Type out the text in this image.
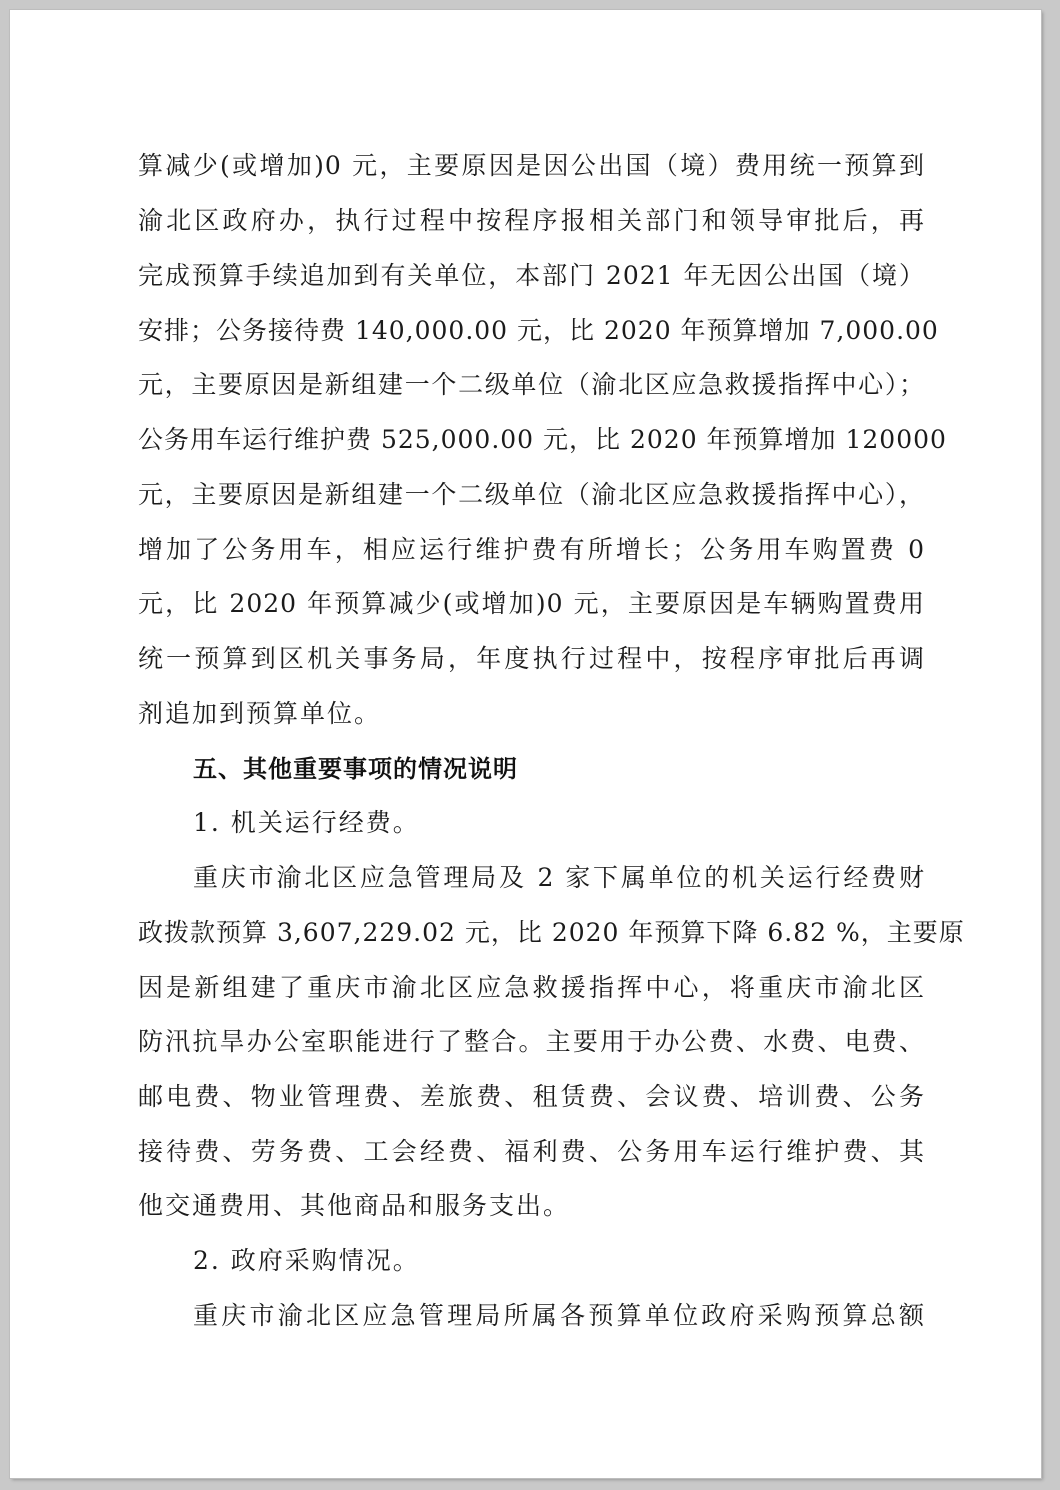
算减少(或增加)0 元，主要原因是因公出国（境）费用统一预算到
渝北区政府办，执行过程中按程序报相关部门和领导审批后，再
完成预算手续追加到有关单位，本部门 2021 年无因公出国（境）
安排；公务接待费 140,000.00 元，比 2020 年预算增加 7,000.00
元，主要原因是新组建一个二级单位（渝北区应急救援指挥中心）；
公务用车运行维护费 525,000.00 元，比 2020 年预算增加 120000
元，主要原因是新组建一个二级单位（渝北区应急救援指挥中心），
增加了公务用车，相应运行维护费有所增长；公务用车购置费 0
元，比 2020 年预算减少(或增加)0 元，主要原因是车辆购置费用
统一预算到区机关事务局，年度执行过程中，按程序审批后再调
剂追加到预算单位。
五、其他重要事项的情况说明
1. 机关运行经费。
重庆市渝北区应急管理局及 2 家下属单位的机关运行经费财
政拨款预算 3,607,229.02 元，比 2020 年预算下降 6.82 %，主要原
因是新组建了重庆市渝北区应急救援指挥中心，将重庆市渝北区
防汛抗旱办公室职能进行了整合。主要用于办公费、水费、电费、
邮电费、物业管理费、差旅费、租赁费、会议费、培训费、公务
接待费、劳务费、工会经费、福利费、公务用车运行维护费、其
他交通费用、其他商品和服务支出。
2. 政府采购情况。
重庆市渝北区应急管理局所属各预算单位政府采购预算总额
